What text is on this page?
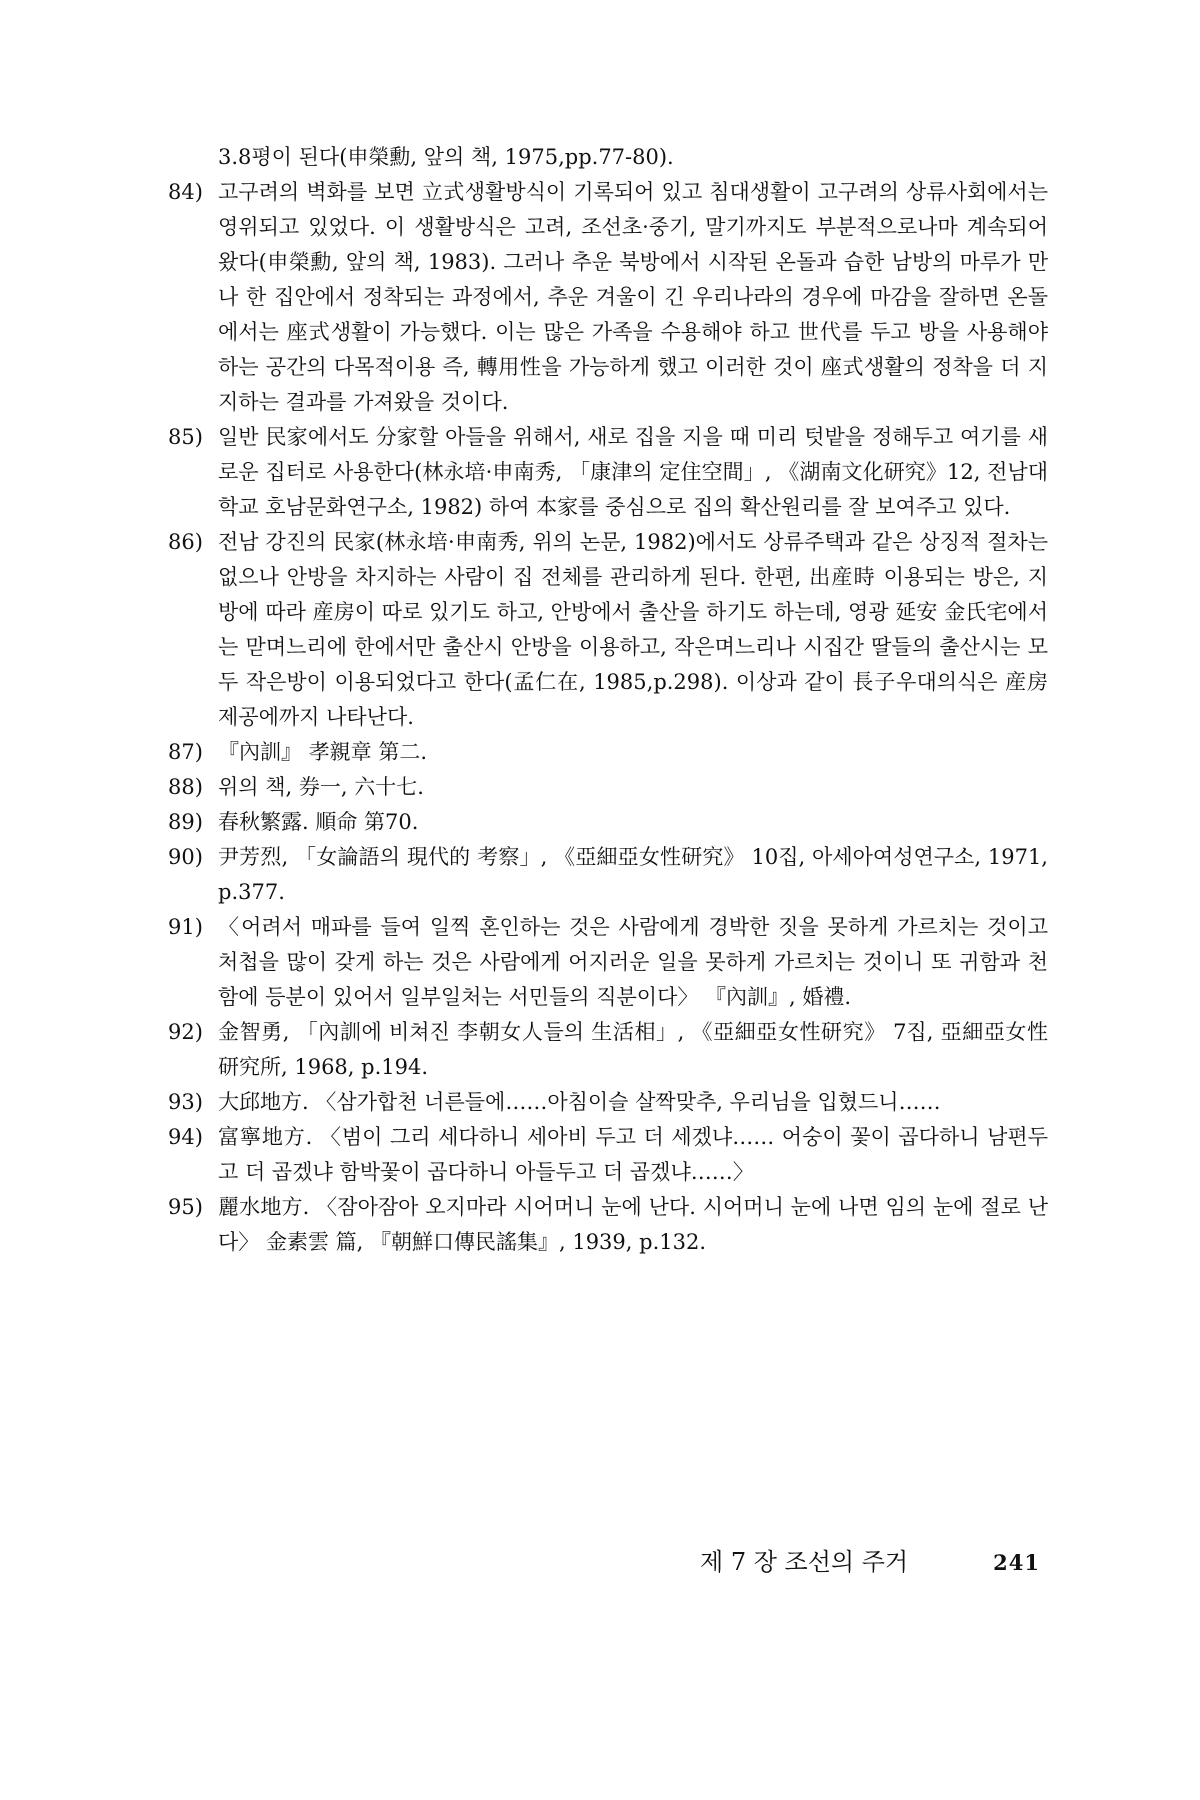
3.8평이 된다(申榮勳, 앞의 책, 1975,pp.77-80).
84) 고구려의 벽화를 보면 立式생활방식이 기록되어 있고 침대생활이 고구려의 상류사회에서는 영위되고 있었다. 이 생활방식은 고려, 조선초·중기, 말기까지도 부분적으로나마 계속되어 왔다(申榮勳, 앞의 책, 1983). 그러나 추운 북방에서 시작된 온돌과 습한 남방의 마루가 만나 한 집안에서 정착되는 과정에서, 추운 겨울이 긴 우리나라의 경우에 마감을 잘하면 온돌에서는 座式생활이 가능했다. 이는 많은 가족을 수용해야 하고 世代를 두고 방을 사용해야 하는 공간의 다목적이용 즉, 轉用性을 가능하게 했고 이러한 것이 座式생활의 정착을 더 지지하는 결과를 가져왔을 것이다.
85) 일반 民家에서도 分家할 아들을 위해서, 새로 집을 지을 때 미리 텃밭을 정해두고 여기를 새로운 집터로 사용한다(林永培·申南秀, 「康津의 定住空間」, 《湖南文化研究》12, 전남대학교 호남문화연구소, 1982) 하여 本家를 중심으로 집의 확산원리를 잘 보여주고 있다.
86) 전남 강진의 民家(林永培·申南秀, 위의 논문, 1982)에서도 상류주택과 같은 상징적 절차는 없으나 안방을 차지하는 사람이 집 전체를 관리하게 된다. 한편, 出産時 이용되는 방은, 지방에 따라 産房이 따로 있기도 하고, 안방에서 출산을 하기도 하는데, 영광 延安 金氏宅에서는 맏며느리에 한에서만 출산시 안방을 이용하고, 작은며느리나 시집간 딸들의 출산시는 모두 작은방이 이용되었다고 한다(孟仁在, 1985,p.298). 이상과 같이 長子우대의식은 産房 제공에까지 나타난다.
87) 『內訓』 孝親章 第二.
88) 위의 책, 券一, 六十七.
89) 春秋繁露. 順命 第70.
90) 尹芳烈, 「女論語의 現代的 考察」, 《亞細亞女性研究》 10집, 아세아여성연구소, 1971, p.377.
91) 〈어려서 매파를 들여 일찍 혼인하는 것은 사람에게 경박한 짓을 못하게 가르치는 것이고 처첩을 많이 갖게 하는 것은 사람에게 어지러운 일을 못하게 가르치는 것이니 또 귀함과 천함에 등분이 있어서 일부일처는 서민들의 직분이다〉 『內訓』, 婚禮.
92) 金智勇, 「內訓에 비쳐진 李朝女人들의 生活相」, 《亞細亞女性研究》 7집, 亞細亞女性研究所, 1968, p.194.
93) 大邱地方. 〈삼가합천 너른들에……아침이슬 살짝맞추, 우리님을 입혔드니……
94) 富寧地方. 〈범이 그리 세다하니 세아비 두고 더 세겠냐…… 어숭이 꽃이 곱다하니 남편두고 더 곱겠냐 함박꽃이 곱다하니 아들두고 더 곱겠냐……〉
95) 麗水地方. 〈잠아잠아 오지마라 시어머니 눈에 난다. 시어머니 눈에 나면 임의 눈에 절로 난다〉 金素雲 篇, 『朝鮮口傳民謠集』, 1939, p.132.
제 7 장 조선의 주거	241
